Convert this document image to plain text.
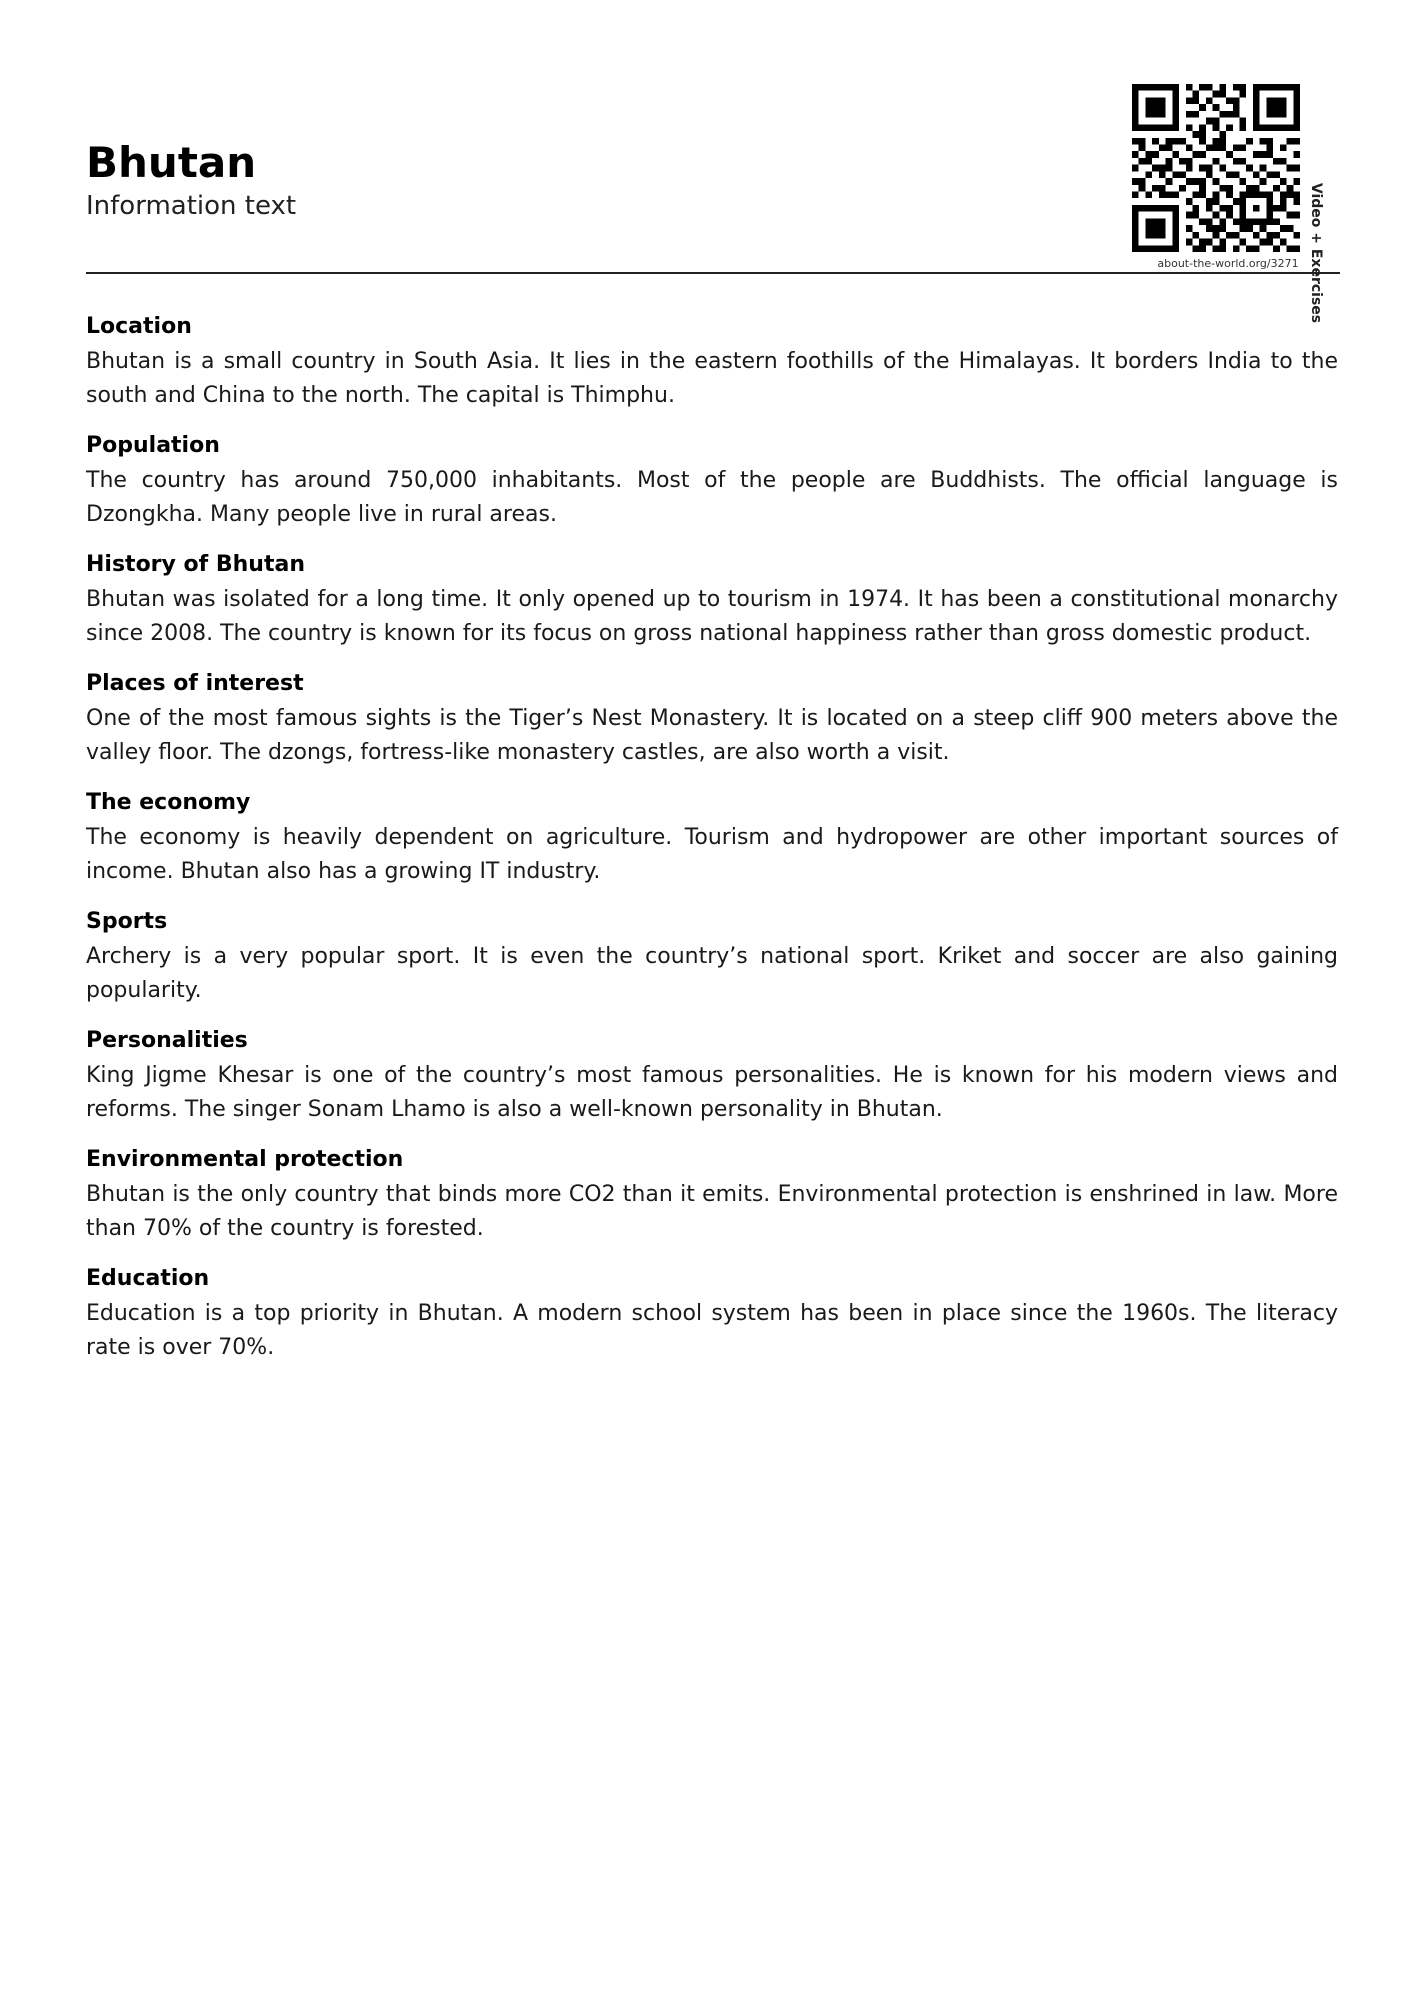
Bhutan
Information text
about-the-world.org/3271 Video + Exercises
Location

Bhutan is a small country in South Asia. It lies in the eastern foothills of the Himalayas. It borders India to the south and China to the north. The capital is Thimphu.

Population

The country has around 750,000 inhabitants. Most of the people are Buddhists. The official language is Dzongkha. Many people live in rural areas.

History of Bhutan

Bhutan was isolated for a long time. It only opened up to tourism in 1974. It has been a constitutional monarchy since 2008. The country is known for its focus on gross national happiness rather than gross domestic product.

Places of interest

One of the most famous sights is the Tiger’s Nest Monastery. It is located on a steep cliff 900 meters above the valley floor. The dzongs, fortress-like monastery castles, are also worth a visit.

The economy

The economy is heavily dependent on agriculture. Tourism and hydropower are other important sources of income. Bhutan also has a growing IT industry.

Sports

Archery is a very popular sport. It is even the country’s national sport. Kriket and soccer are also gaining popularity.

Personalities

King Jigme Khesar is one of the country’s most famous personalities. He is known for his modern views and reforms. The singer Sonam Lhamo is also a well-known personality in Bhutan.

Environmental protection

Bhutan is the only country that binds more CO2 than it emits. Environmental protection is enshrined in law. More than 70% of the country is forested.

Education

Education is a top priority in Bhutan. A modern school system has been in place since the 1960s. The literacy rate is over 70%.
